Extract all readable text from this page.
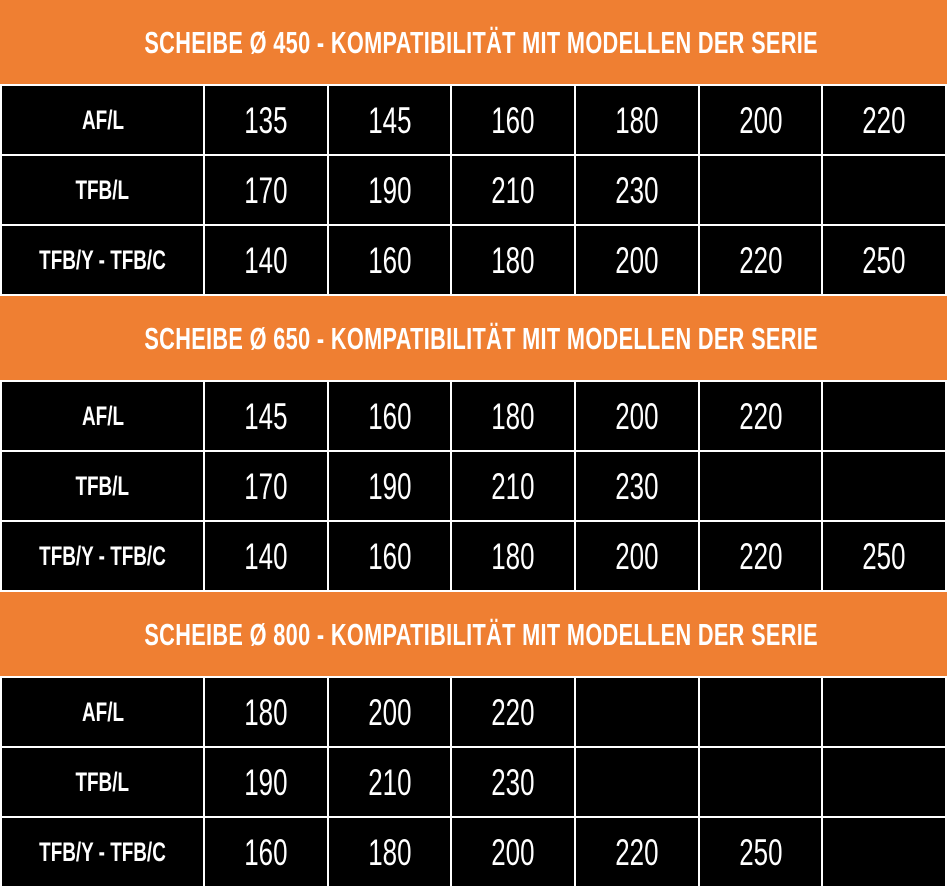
SCHEIBE Ø 450 - KOMPATIBILITÄT MIT MODELLEN DER SERIE
AF/L	135 145 160 180 200 220
TFB/L	170 190 210 230
TFB/Y - TFB/C 140 160 180 200 220 250
SCHEIBE Ø 650 - KOMPATIBILITÄT MIT MODELLEN DER SERIE
AF/L	145 160 180 200 220
TFB/L	170 190 210 230
TFB/Y - TFB/C 140 160 180 200 220 250
SCHEIBE Ø 800 - KOMPATIBILITÄT MIT MODELLEN DER SERIE
AF/L	180 200 220
TFB/L	190 210 230
TFB/Y - TFB/C 160 180 200 220 250
